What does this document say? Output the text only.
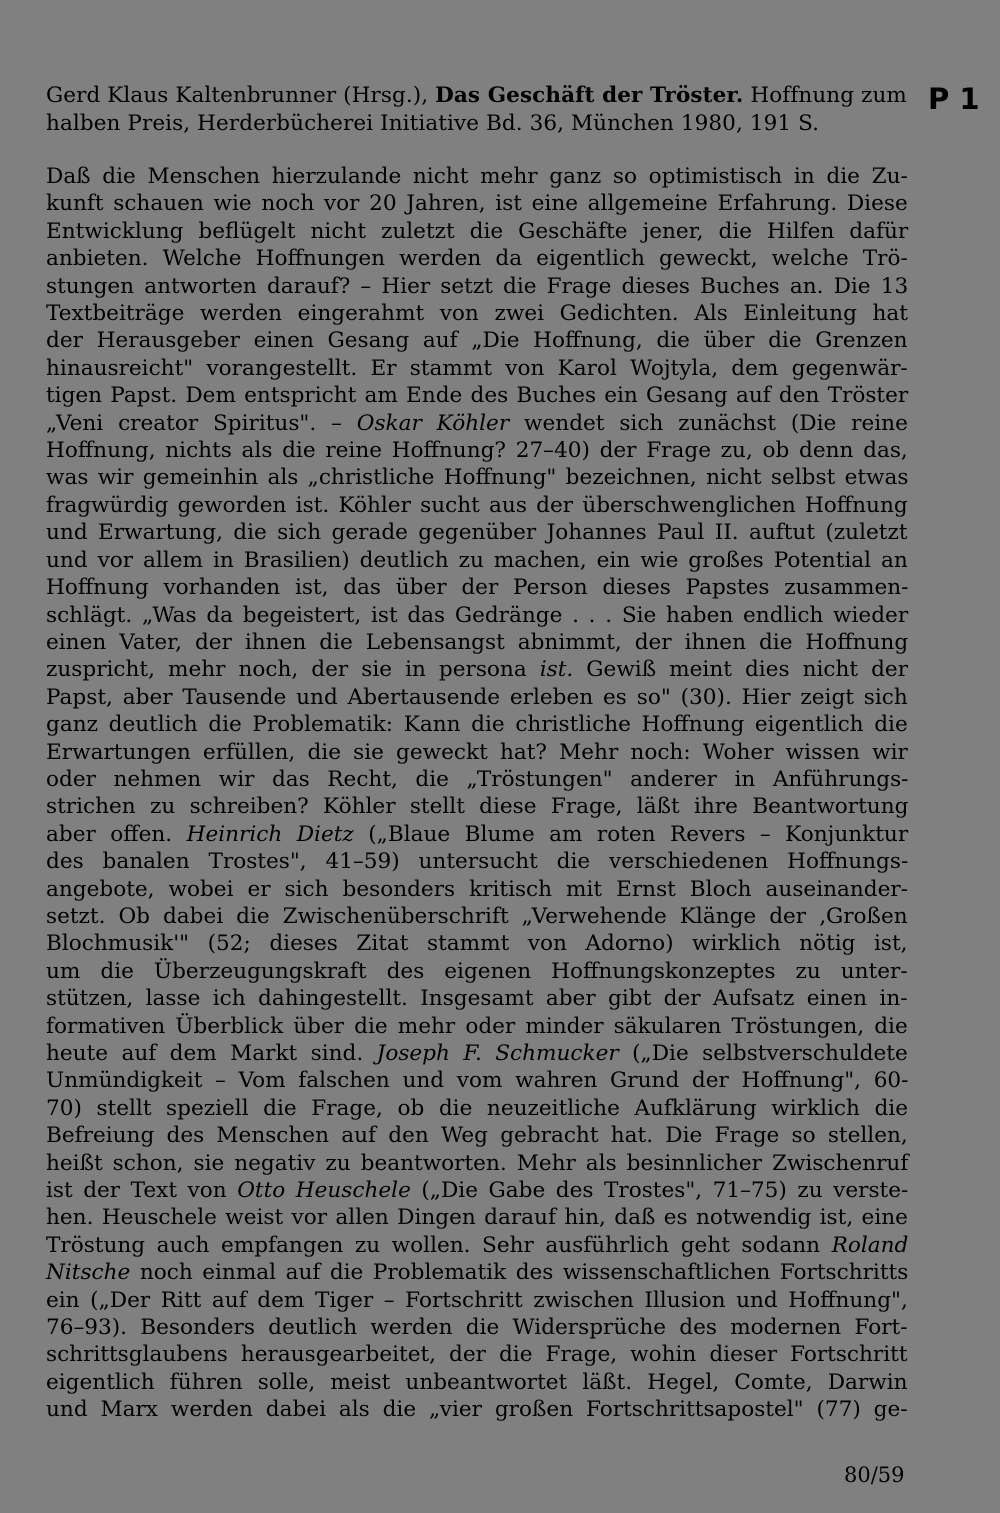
Gerd Klaus Kaltenbrunner (Hrsg.), Das Geschäft der Tröster. Hoffnung zum
halben Preis, Herderbücherei Initiative Bd. 36, München 1980, 191 S.
P 1
Daß die Menschen hierzulande nicht mehr ganz so optimistisch in die Zu-
kunft schauen wie noch vor 20 Jahren, ist eine allgemeine Erfahrung. Diese
Entwicklung beflügelt nicht zuletzt die Geschäfte jener, die Hilfen dafür
anbieten. Welche Hoffnungen werden da eigentlich geweckt, welche Trö-
stungen antworten darauf? – Hier setzt die Frage dieses Buches an. Die 13
Textbeiträge werden eingerahmt von zwei Gedichten. Als Einleitung hat
der Herausgeber einen Gesang auf „Die Hoffnung, die über die Grenzen
hinausreicht" vorangestellt. Er stammt von Karol Wojtyla, dem gegenwär-
tigen Papst. Dem entspricht am Ende des Buches ein Gesang auf den Tröster
„Veni creator Spiritus". – Oskar Köhler wendet sich zunächst (Die reine
Hoffnung, nichts als die reine Hoffnung? 27–40) der Frage zu, ob denn das,
was wir gemeinhin als „christliche Hoffnung" bezeichnen, nicht selbst etwas
fragwürdig geworden ist. Köhler sucht aus der überschwenglichen Hoffnung
und Erwartung, die sich gerade gegenüber Johannes Paul II. auftut (zuletzt
und vor allem in Brasilien) deutlich zu machen, ein wie großes Potential an
Hoffnung vorhanden ist, das über der Person dieses Papstes zusammen-
schlägt. „Was da begeistert, ist das Gedränge . . . Sie haben endlich wieder
einen Vater, der ihnen die Lebensangst abnimmt, der ihnen die Hoffnung
zuspricht, mehr noch, der sie in persona ist. Gewiß meint dies nicht der
Papst, aber Tausende und Abertausende erleben es so" (30). Hier zeigt sich
ganz deutlich die Problematik: Kann die christliche Hoffnung eigentlich die
Erwartungen erfüllen, die sie geweckt hat? Mehr noch: Woher wissen wir
oder nehmen wir das Recht, die „Tröstungen" anderer in Anführungs-
strichen zu schreiben? Köhler stellt diese Frage, läßt ihre Beantwortung
aber offen. Heinrich Dietz („Blaue Blume am roten Revers – Konjunktur
des banalen Trostes", 41–59) untersucht die verschiedenen Hoffnungs-
angebote, wobei er sich besonders kritisch mit Ernst Bloch auseinander-
setzt. Ob dabei die Zwischenüberschrift „Verwehende Klänge der ‚Großen
Blochmusik'" (52; dieses Zitat stammt von Adorno) wirklich nötig ist,
um die Überzeugungskraft des eigenen Hoffnungskonzeptes zu unter-
stützen, lasse ich dahingestellt. Insgesamt aber gibt der Aufsatz einen in-
formativen Überblick über die mehr oder minder säkularen Tröstungen, die
heute auf dem Markt sind. Joseph F. Schmucker („Die selbstverschuldete
Unmündigkeit – Vom falschen und vom wahren Grund der Hoffnung", 60-
70) stellt speziell die Frage, ob die neuzeitliche Aufklärung wirklich die
Befreiung des Menschen auf den Weg gebracht hat. Die Frage so stellen,
heißt schon, sie negativ zu beantworten. Mehr als besinnlicher Zwischenruf
ist der Text von Otto Heuschele („Die Gabe des Trostes", 71–75) zu verste-
hen. Heuschele weist vor allen Dingen darauf hin, daß es notwendig ist, eine
Tröstung auch empfangen zu wollen. Sehr ausführlich geht sodann Roland
Nitsche noch einmal auf die Problematik des wissenschaftlichen Fortschritts
ein („Der Ritt auf dem Tiger – Fortschritt zwischen Illusion und Hoffnung",
76–93). Besonders deutlich werden die Widersprüche des modernen Fort-
schrittsglaubens herausgearbeitet, der die Frage, wohin dieser Fortschritt
eigentlich führen solle, meist unbeantwortet läßt. Hegel, Comte, Darwin
und Marx werden dabei als die „vier großen Fortschrittsapostel" (77) ge-
80/59
